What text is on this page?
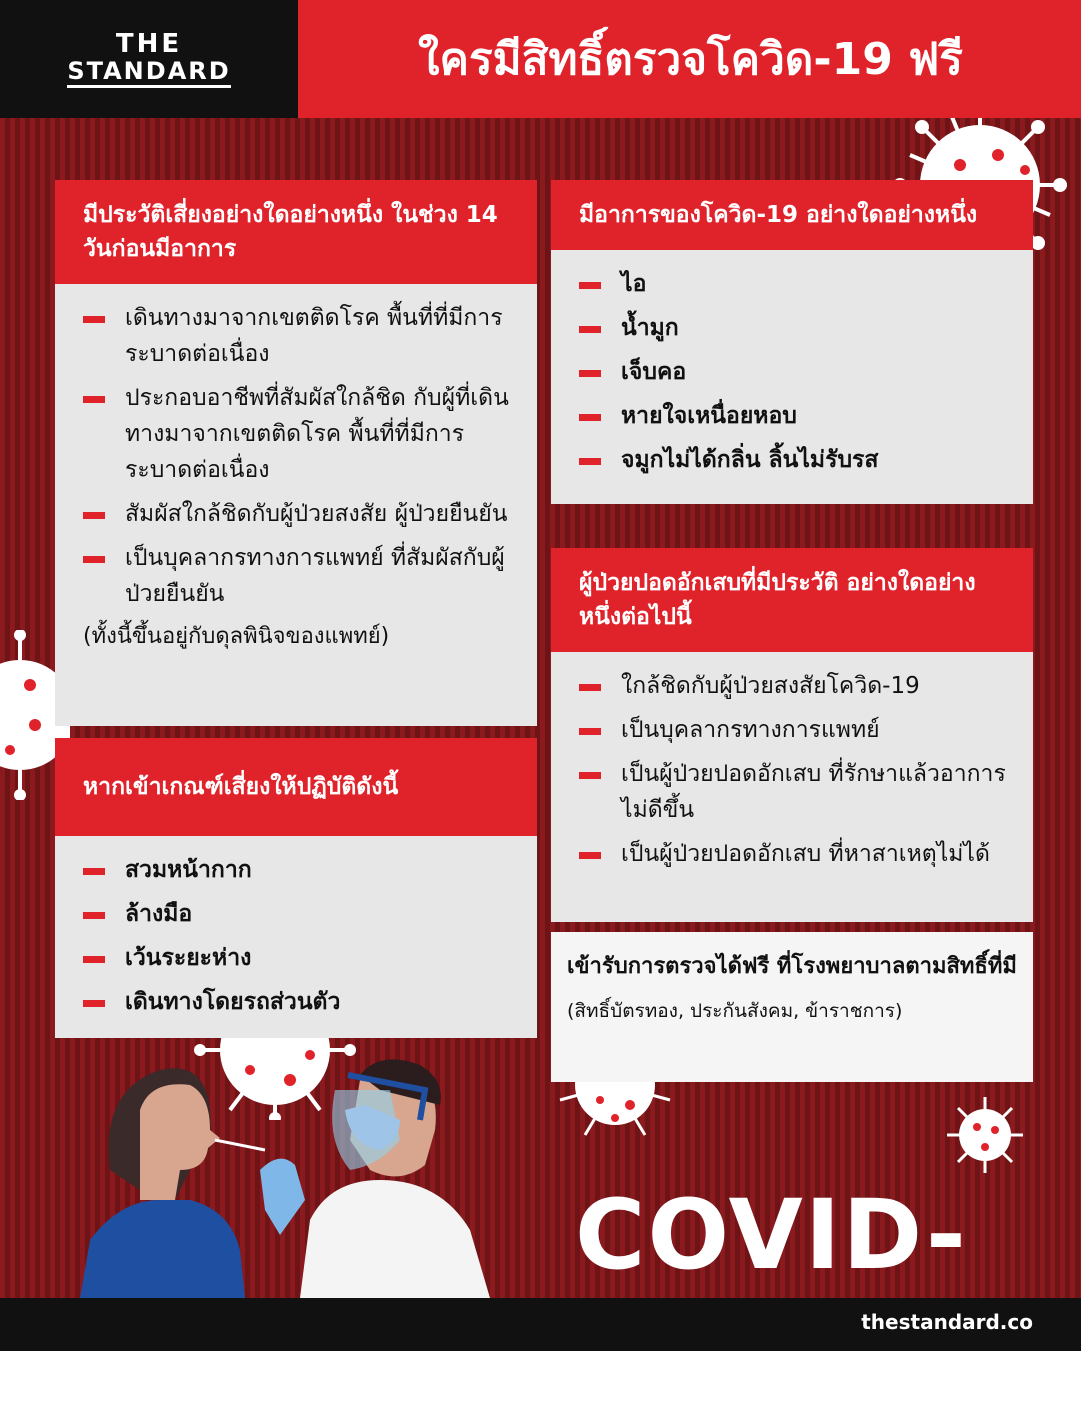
THE
STANDARD	ใครมีสิทธิ์ตรวจโควิด-19 ฟรี
มีประวัติเสี่ยงอย่างใดอย่างหนึ่ง ในช่วง 14 วันก่อนมีอาการ
เดินทางมาจากเขตติดโรค พื้นที่ที่มีการระบาดต่อเนื่อง
ประกอบอาชีพที่สัมผัสใกล้ชิด กับผู้ที่เดินทางมาจากเขตติดโรค พื้นที่ที่มีการระบาดต่อเนื่อง
สัมผัสใกล้ชิดกับผู้ป่วยสงสัย ผู้ป่วยยืนยัน
เป็นบุคลากรทางการแพทย์ ที่สัมผัสกับผู้ป่วยยืนยัน
(ทั้งนี้ขึ้นอยู่กับดุลพินิจของแพทย์)
มีอาการของโควิด-19 อย่างใดอย่างหนึ่ง
ไอ
น้ำมูก
เจ็บคอ
หายใจเหนื่อยหอบ
จมูกไม่ได้กลิ่น ลิ้นไม่รับรส
ผู้ป่วยปอดอักเสบที่มีประวัติ อย่างใดอย่างหนึ่งต่อไปนี้
ใกล้ชิดกับผู้ป่วยสงสัยโควิด-19
เป็นบุคลากรทางการแพทย์
เป็นผู้ป่วยปอดอักเสบ ที่รักษาแล้วอาการไม่ดีขึ้น
เป็นผู้ป่วยปอดอักเสบ ที่หาสาเหตุไม่ได้
หากเข้าเกณฑ์เสี่ยงให้ปฏิบัติดังนี้
สวมหน้ากาก
ล้างมือ
เว้นระยะห่าง
เดินทางโดยรถส่วนตัว
เข้ารับการตรวจได้ฟรี ที่โรงพยาบาลตามสิทธิ์ที่มี
(สิทธิ์บัตรทอง, ประกันสังคม, ข้าราชการ)
COVID-
thestandard.co
